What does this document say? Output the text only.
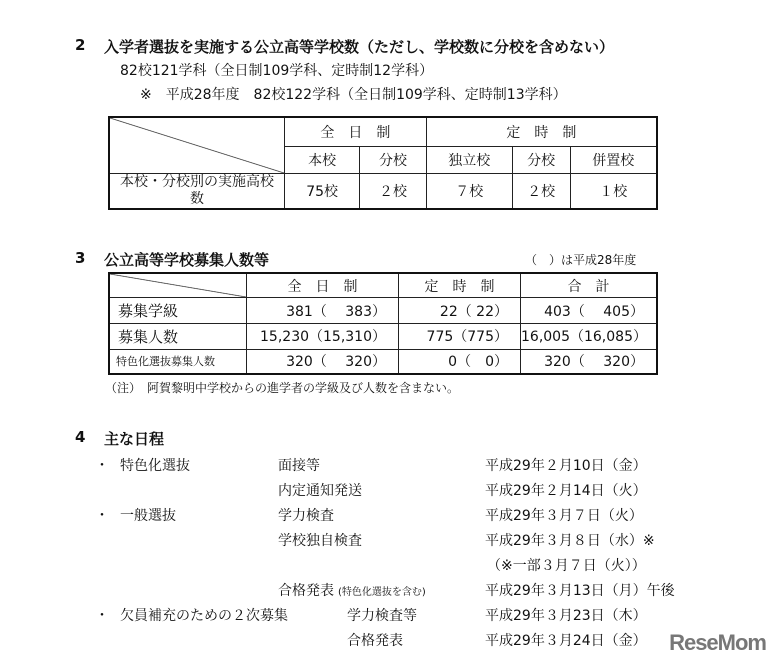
2 入学者選抜を実施する公立高等学校数（ただし、学校数に分校を含めない）
82校121学科（全日制109学科、定時制12学科）
※　平成28年度　82校122学科（全日制109学科、定時制13学科）
	全　日　制		定　時　制		
	本校	分校	独立校	分校	併置校
本校・分校別の実施高校数	75校	２校	７校	２校	１校
3 公立高等学校募集人数等	（　）は平成28年度
	全　日　制	定　時　制	合　計
募集学級	381（　 383）	22（ 22）	403（　 405）
募集人数	15,230（15,310）	775（775）	16,005（16,085）
特色化選抜募集人数	320（　 320）	0（　0）	320（　 320）
（注）　阿賀黎明中学校からの進学者の学級及び人数を含まない。
4 主な日程
・ 特色化選抜	面接等	平成29年２月10日（金）
内定通知発送	平成29年２月14日（火）
・ 一般選抜	学力検査	平成29年３月７日（火）
学校独自検査	平成29年３月８日（水）※
（※一部３月７日（火））
合格発表 (特色化選抜を含む)	平成29年３月13日（月）午後
・ 欠員補充のための２次募集	学力検査等	平成29年３月23日（木）
合格発表	平成29年３月24日（金） ReseMom
